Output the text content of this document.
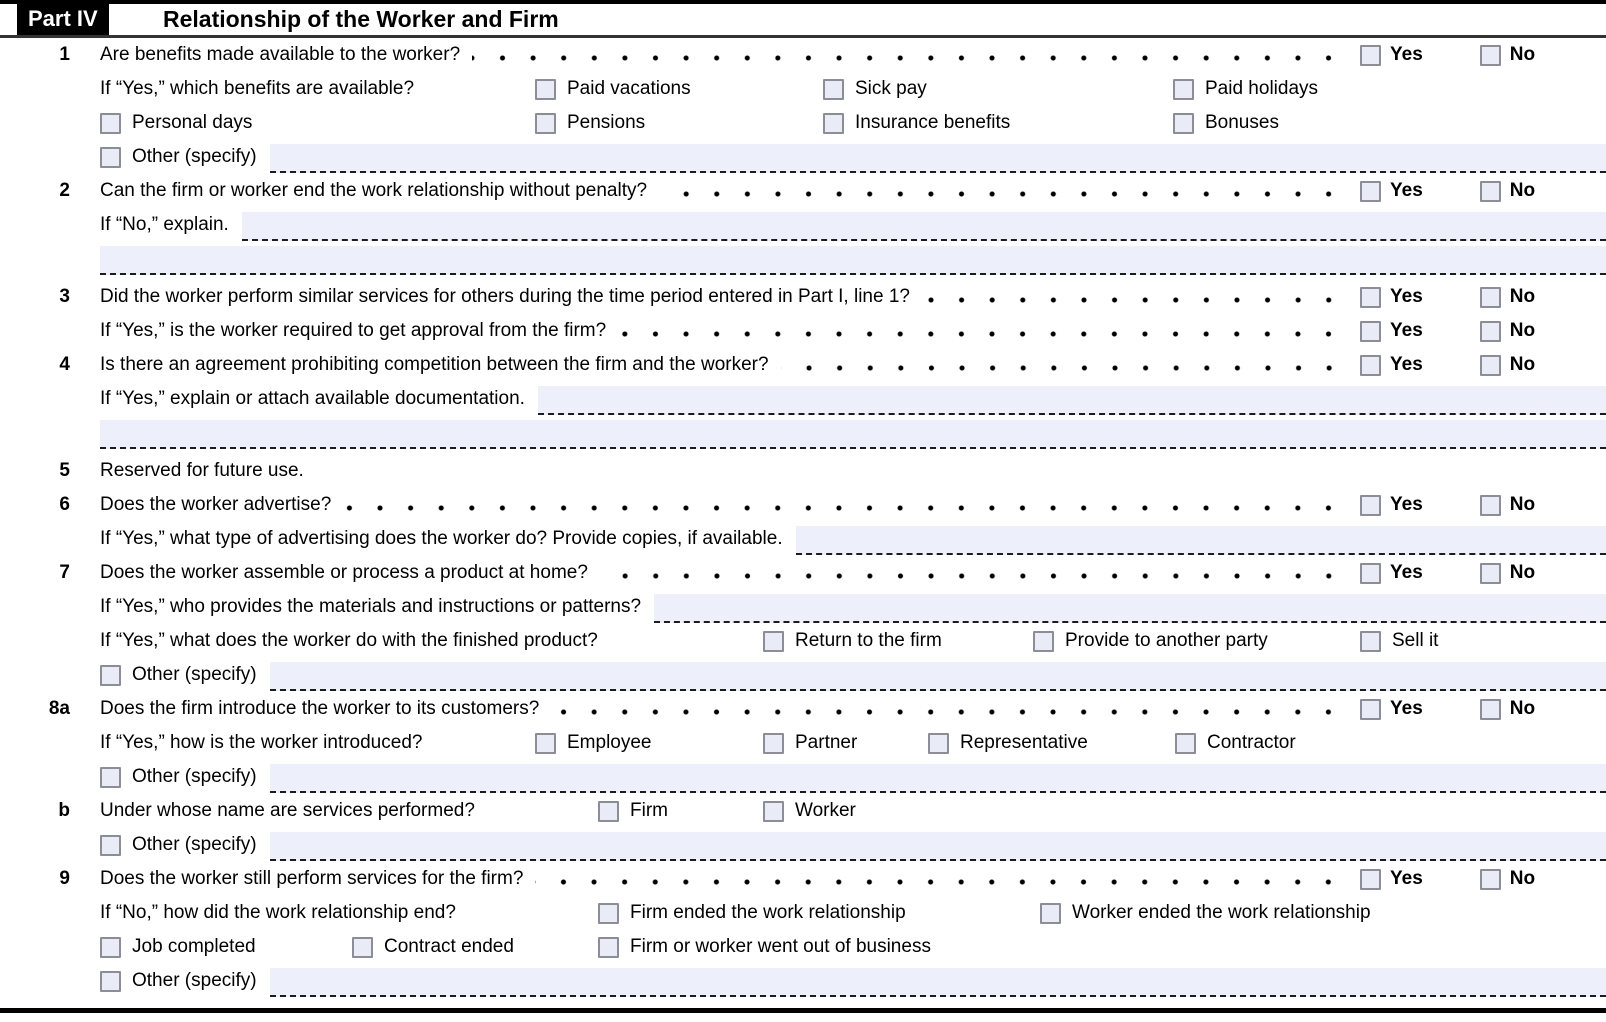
Part IV	Relationship of the Worker and Firm
1 Are benefits made available to the worker?	Yes	No
If “Yes,” which benefits are available?	Paid vacations	Sick pay	Paid holidays
Personal days	Pensions	Insurance benefits	Bonuses
Other (specify)
2 Can the firm or worker end the work relationship without penalty?	Yes	No
If “No,” explain.
3 Did the worker perform similar services for others during the time period entered in Part I, line 1?	Yes	No
If “Yes,” is the worker required to get approval from the firm?	Yes	No
4 Is there an agreement prohibiting competition between the firm and the worker?	Yes	No
If “Yes,” explain or attach available documentation.
5 Reserved for future use.
6 Does the worker advertise?	Yes	No
If “Yes,” what type of advertising does the worker do? Provide copies, if available.
7 Does the worker assemble or process a product at home?	Yes	No
If “Yes,” who provides the materials and instructions or patterns?
If “Yes,” what does the worker do with the finished product?	Return to the firm	Provide to another party	Sell it
Other (specify)
8a Does the firm introduce the worker to its customers?	Yes	No
If “Yes,” how is the worker introduced?	Employee	Partner	Representative	Contractor
Other (specify)
b Under whose name are services performed?	Firm	Worker
Other (specify)
9 Does the worker still perform services for the firm?	Yes	No
If “No,” how did the work relationship end?	Firm ended the work relationship	Worker ended the work relationship
Job completed	Contract ended	Firm or worker went out of business
Other (specify)
